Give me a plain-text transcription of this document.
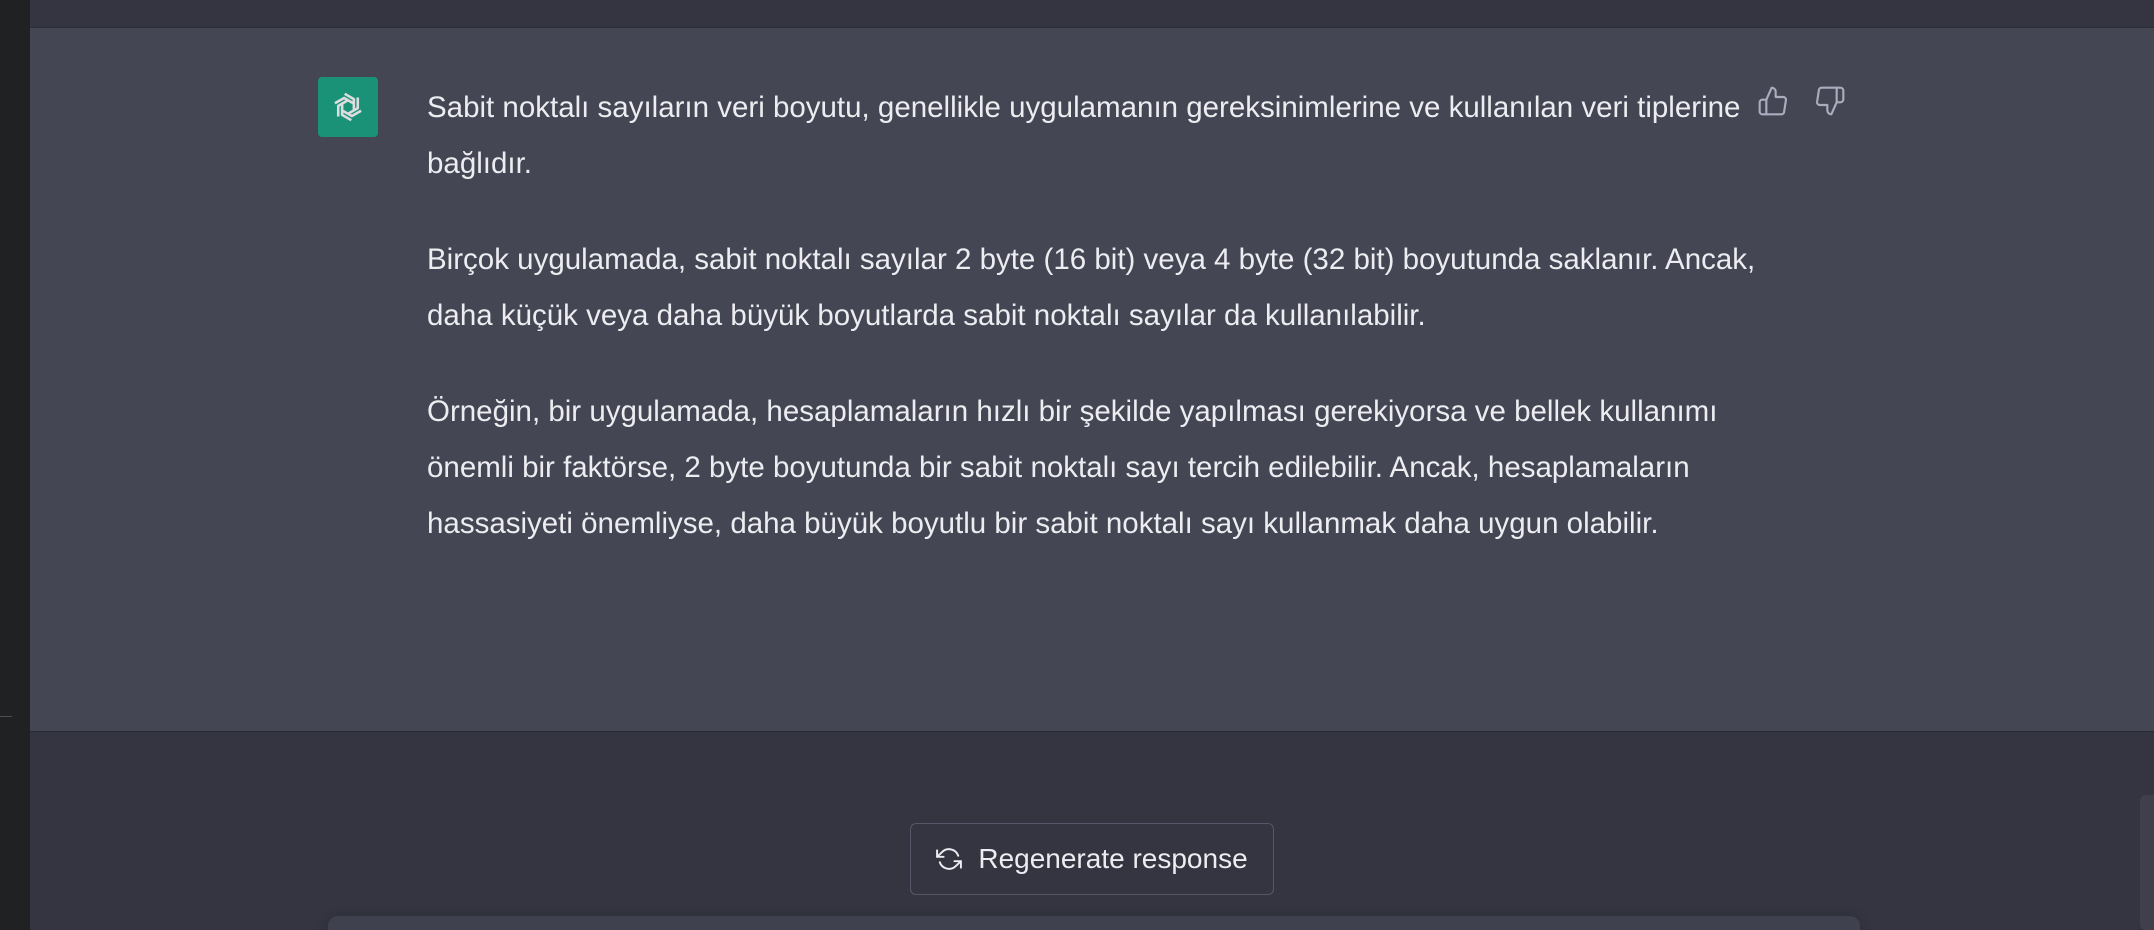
Sabit noktalı sayıların veri boyutu, genellikle uygulamanın gereksinimlerine ve kullanılan veri tiplerine bağlıdır.

Birçok uygulamada, sabit noktalı sayılar 2 byte (16 bit) veya 4 byte (32 bit) boyutunda saklanır. Ancak, daha küçük veya daha büyük boyutlarda sabit noktalı sayılar da kullanılabilir.

Örneğin, bir uygulamada, hesaplamaların hızlı bir şekilde yapılması gerekiyorsa ve bellek kullanımı önemli bir faktörse, 2 byte boyutunda bir sabit noktalı sayı tercih edilebilir. Ancak, hesaplamaların hassasiyeti önemliyse, daha büyük boyutlu bir sabit noktalı sayı kullanmak daha uygun olabilir.

Regenerate response
